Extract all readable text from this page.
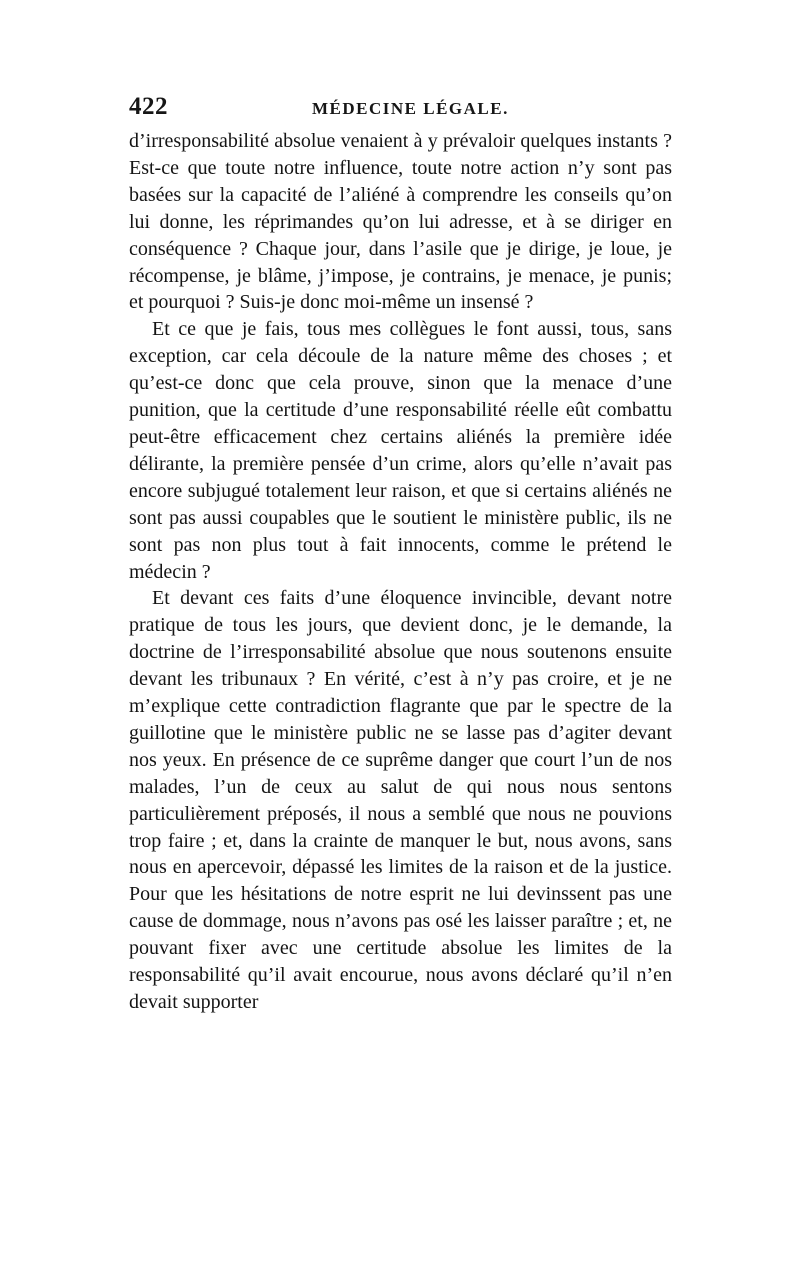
422	MÉDECINE LÉGALE.

d’irresponsabilité absolue venaient à y prévaloir quelques instants ? Est-ce que toute notre influence, toute notre action n’y sont pas basées sur la capacité de l’aliéné à comprendre les conseils qu’on lui donne, les réprimandes qu’on lui adresse, et à se diriger en conséquence ? Chaque jour, dans l’asile que je dirige, je loue, je récompense, je blâme, j’impose, je contrains, je menace, je punis; et pourquoi ? Suis-je donc moi-même un insensé ?

Et ce que je fais, tous mes collègues le font aussi, tous, sans exception, car cela découle de la nature même des choses ; et qu’est-ce donc que cela prouve, sinon que la menace d’une punition, que la certitude d’une responsabilité réelle eût combattu peut-être efficacement chez certains aliénés la première idée délirante, la première pensée d’un crime, alors qu’elle n’avait pas encore subjugué totalement leur raison, et que si certains aliénés ne sont pas aussi coupables que le soutient le ministère public, ils ne sont pas non plus tout à fait innocents, comme le prétend le médecin ?

Et devant ces faits d’une éloquence invincible, devant notre pratique de tous les jours, que devient donc, je le demande, la doctrine de l’irresponsabilité absolue que nous soutenons ensuite devant les tribunaux ? En vérité, c’est à n’y pas croire, et je ne m’explique cette contradiction flagrante que par le spectre de la guillotine que le ministère public ne se lasse pas d’agiter devant nos yeux. En présence de ce suprême danger que court l’un de nos malades, l’un de ceux au salut de qui nous nous sentons particulièrement préposés, il nous a semblé que nous ne pouvions trop faire ; et, dans la crainte de manquer le but, nous avons, sans nous en apercevoir, dépassé les limites de la raison et de la justice. Pour que les hésitations de notre esprit ne lui devinssent pas une cause de dommage, nous n’avons pas osé les laisser paraître ; et, ne pouvant fixer avec une certitude absolue les limites de la responsabilité qu’il avait encourue, nous avons déclaré qu’il n’en devait supporter
